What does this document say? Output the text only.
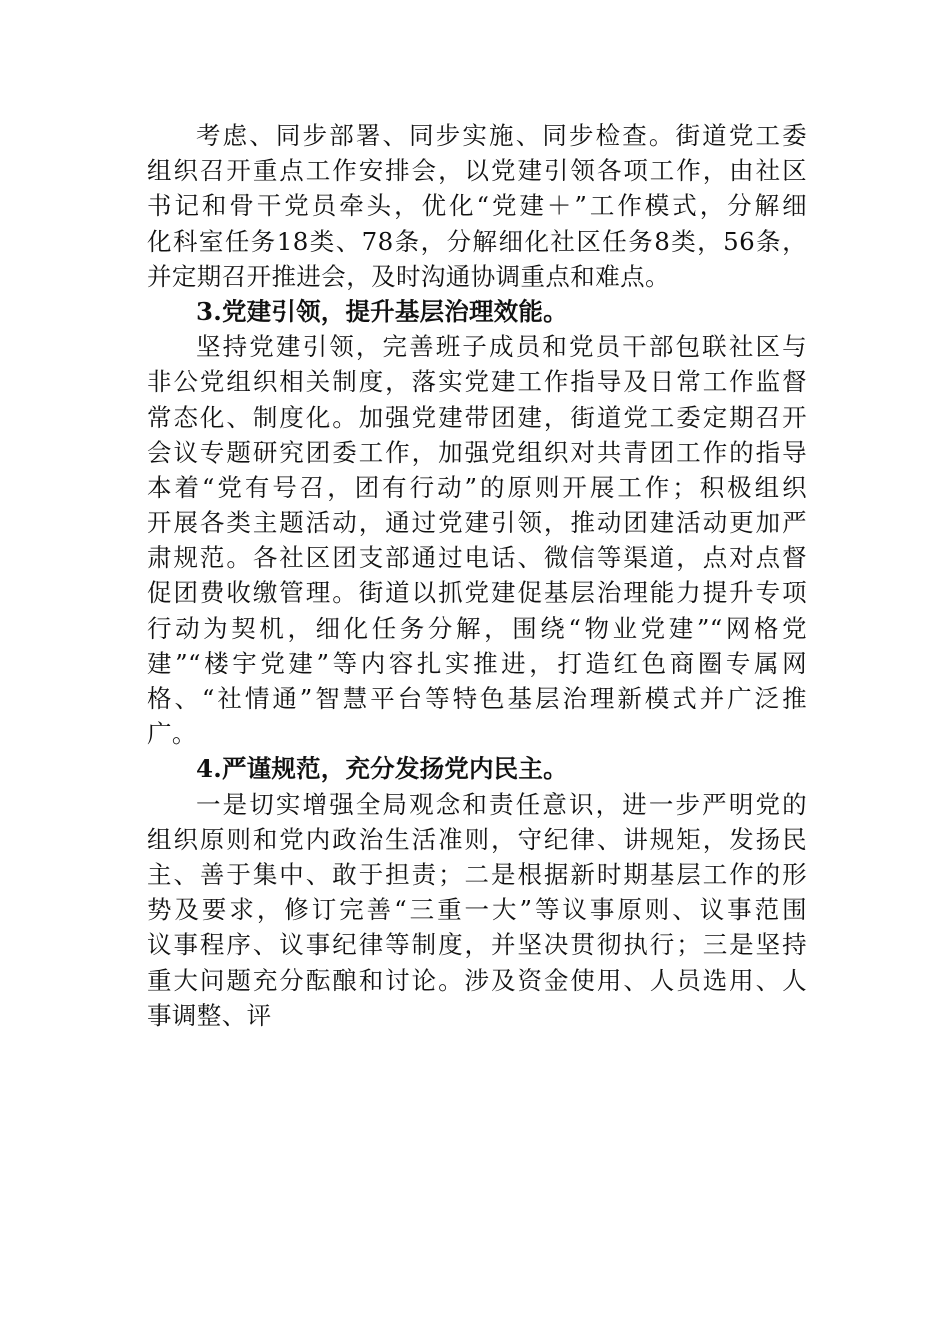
考虑、同步部署、同步实施、同步检查。街道党工委
组织召开重点工作安排会，以党建引领各项工作，由社区
书记和骨干党员牵头，优化“党建＋”工作模式，分解细
化科室任务18类、78条，分解细化社区任务8类，56条，
并定期召开推进会，及时沟通协调重点和难点。
3.党建引领，提升基层治理效能。
坚持党建引领，完善班子成员和党员干部包联社区与
非公党组织相关制度，落实党建工作指导及日常工作监督
常态化、制度化。加强党建带团建，街道党工委定期召开
会议专题研究团委工作，加强党组织对共青团工作的指导
本着“党有号召，团有行动”的原则开展工作；积极组织
开展各类主题活动，通过党建引领，推动团建活动更加严
肃规范。各社区团支部通过电话、微信等渠道，点对点督
促团费收缴管理。街道以抓党建促基层治理能力提升专项
行动为契机，细化任务分解，围绕“物业党建”“网格党
建”“楼宇党建”等内容扎实推进，打造红色商圈专属网
格、“社情通”智慧平台等特色基层治理新模式并广泛推
广。
4.严谨规范，充分发扬党内民主。
一是切实增强全局观念和责任意识，进一步严明党的
组织原则和党内政治生活准则，守纪律、讲规矩，发扬民
主、善于集中、敢于担责；二是根据新时期基层工作的形
势及要求，修订完善“三重一大”等议事原则、议事范围
议事程序、议事纪律等制度，并坚决贯彻执行；三是坚持
重大问题充分酝酿和讨论。涉及资金使用、人员选用、人
事调整、评
